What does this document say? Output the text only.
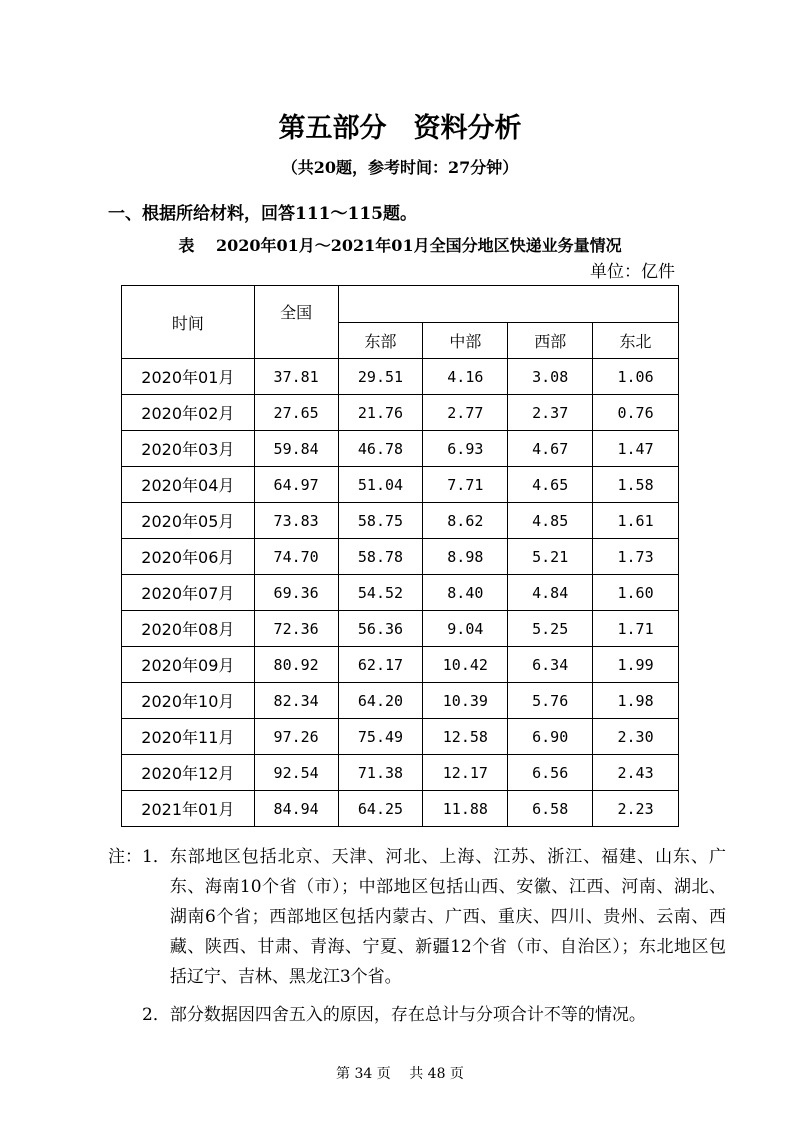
第五部分　资料分析
（共20题，参考时间：27分钟）
一、根据所给材料，回答111～115题。
表　 2020年01月～2021年01月全国分地区快递业务量情况
单位：亿件
时间	全国				
		东部	中部	西部	东北
2020年01月	37.81	29.51	4.16	3.08	1.06
2020年02月	27.65	21.76	2.77	2.37	0.76
2020年03月	59.84	46.78	6.93	4.67	1.47
2020年04月	64.97	51.04	7.71	4.65	1.58
2020年05月	73.83	58.75	8.62	4.85	1.61
2020年06月	74.70	58.78	8.98	5.21	1.73
2020年07月	69.36	54.52	8.40	4.84	1.60
2020年08月	72.36	56.36	9.04	5.25	1.71
2020年09月	80.92	62.17	10.42	6.34	1.99
2020年10月	82.34	64.20	10.39	5.76	1.98
2020年11月	97.26	75.49	12.58	6.90	2.30
2020年12月	92.54	71.38	12.17	6.56	2.43
2021年01月	84.94	64.25	11.88	6.58	2.23
注： 1． 东部地区包括北京、天津、河北、上海、江苏、浙江、福建、山东、广东、海南10个省（市）；中部地区包括山西、安徽、江西、河南、湖北、湖南6个省；西部地区包括内蒙古、广西、重庆、四川、贵州、云南、西藏、陕西、甘肃、青海、宁夏、新疆12个省（市、自治区）；东北地区包括辽宁、吉林、黑龙江3个省。
2． 部分数据因四舍五入的原因，存在总计与分项合计不等的情况。
第 34 页　 共 48 页
